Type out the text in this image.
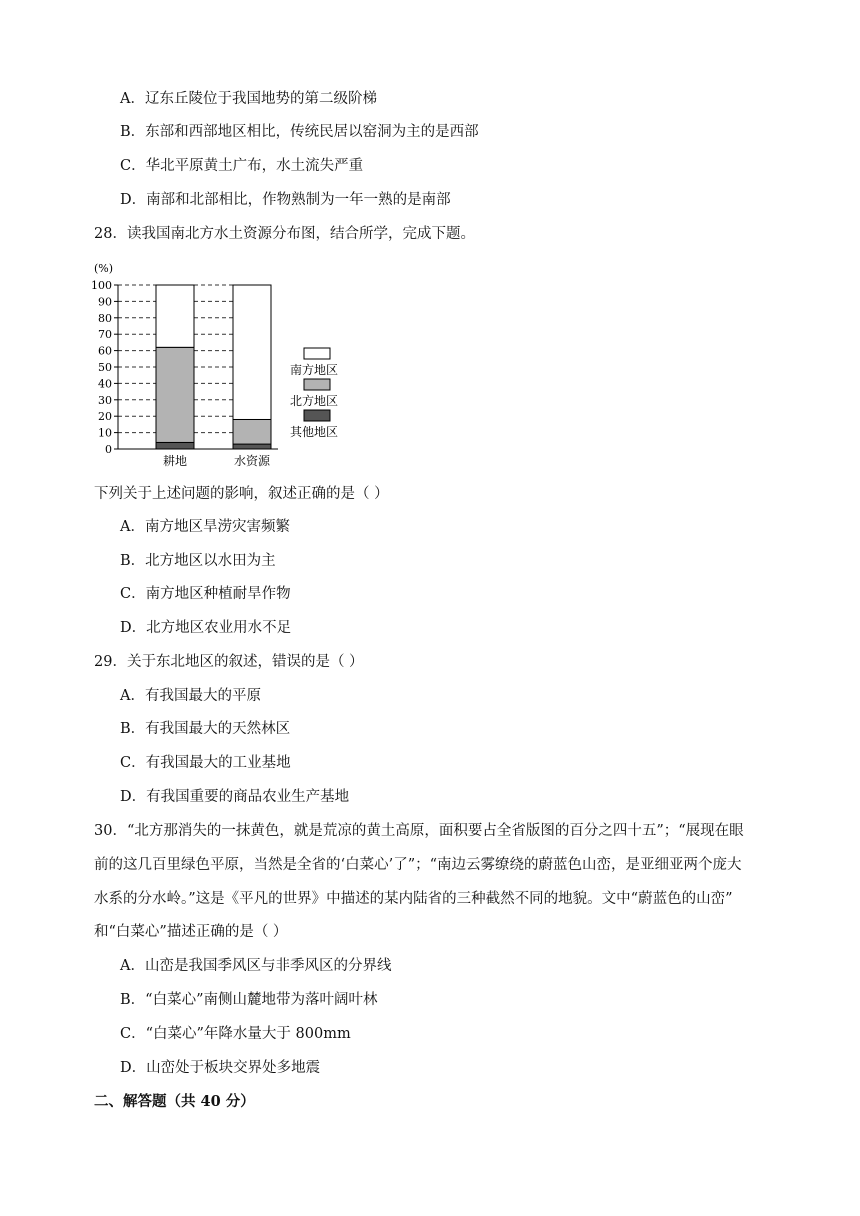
A．辽东丘陵位于我国地势的第二级阶梯
B．东部和西部地区相比，传统民居以窑洞为主的是西部
C．华北平原黄土广布，水土流失严重
D．南部和北部相比，作物熟制为一年一熟的是南部
28．读我国南北方水土资源分布图，结合所学，完成下题。
(%)
0
10
20
30
40
50
60
70
80
90
100
耕地	水资源
南方地区
北方地区
其他地区
下列关于上述问题的影响，叙述正确的是（ ）
A．南方地区旱涝灾害频繁
B．北方地区以水田为主
C．南方地区种植耐旱作物
D．北方地区农业用水不足
29．关于东北地区的叙述，错误的是（ ）
A．有我国最大的平原
B．有我国最大的天然林区
C．有我国最大的工业基地
D．有我国重要的商品农业生产基地
30．“北方那消失的一抹黄色，就是荒凉的黄土高原，面积要占全省版图的百分之四十五”；“展现在眼
前的这几百里绿色平原，当然是全省的‘白菜心’了”；“南边云雾缭绕的蔚蓝色山峦，是亚细亚两个庞大
水系的分水岭。”这是《平凡的世界》中描述的某内陆省的三种截然不同的地貌。文中“蔚蓝色的山峦”
和“白菜心”描述正确的是（ ）
A．山峦是我国季风区与非季风区的分界线
B．“白菜心”南侧山麓地带为落叶阔叶林
C．“白菜心”年降水量大于 800mm
D．山峦处于板块交界处多地震
二、解答题（共 40 分）
